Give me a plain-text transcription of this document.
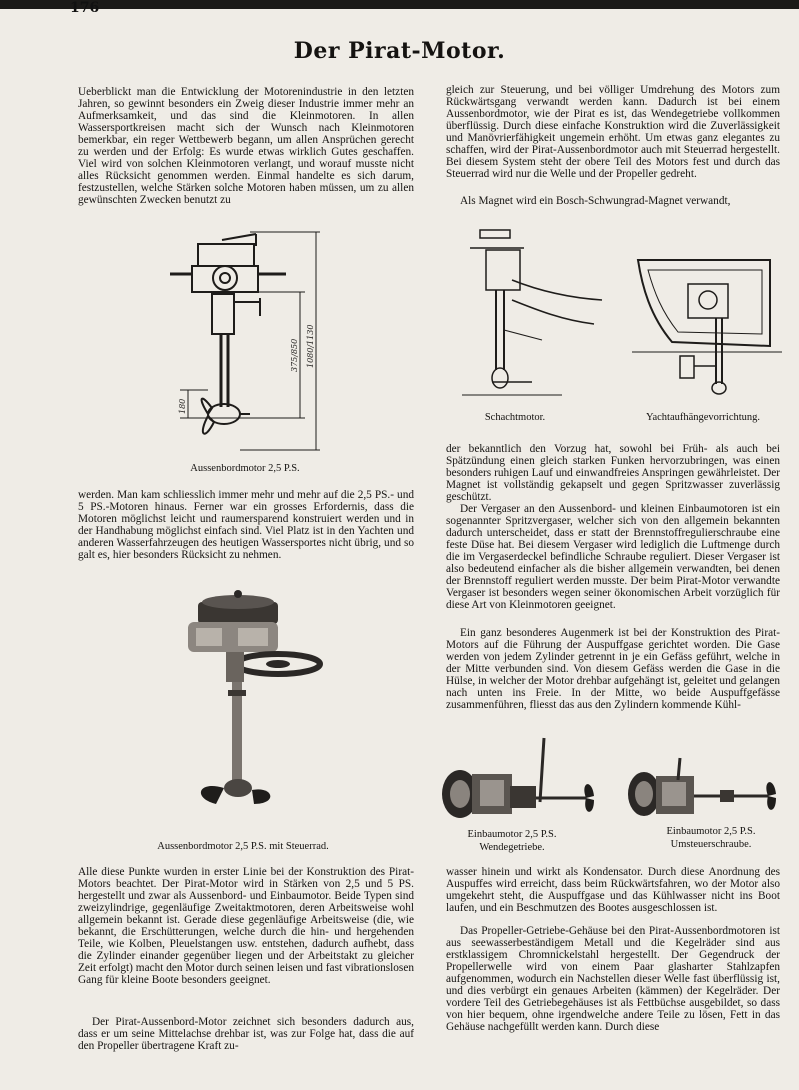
176
Der Pirat-Motor.

Ueberblickt man die Entwicklung der Motorenindustrie in den letzten Jahren, so gewinnt besonders ein Zweig dieser Industrie immer mehr an Aufmerksamkeit, und das sind die Kleinmotoren. In allen Wassersportkreisen macht sich der Wunsch nach Kleinmotoren bemerkbar, ein reger Wettbewerb begann, um allen Ansprüchen gerecht zu werden und der Erfolg: Es wurde etwas wirklich Gutes geschaffen. Viel wird von solchen Kleinmotoren verlangt, und worauf musste nicht alles Rücksicht genommen werden. Einmal handelte es sich darum, festzustellen, welche Stärken solche Motoren haben müssen, um zu allen gewünschten Zwecken benutzt zu

375/850 1080/1130
180
Aussenbordmotor 2,5 P.S.

werden. Man kam schliesslich immer mehr und mehr auf die 2,5 PS.- und 5 PS.-Motoren hinaus. Ferner war ein grosses Erfordernis, dass die Motoren möglichst leicht und raumersparend konstruiert werden und in der Handhabung möglichst einfach sind. Viel Platz ist in den Yachten und anderen Wasserfahrzeugen des heutigen Wassersportes nicht übrig, und so galt es, hier besonders Rücksicht zu nehmen.

Aussenbordmotor 2,5 P.S. mit Steuerrad.

Alle diese Punkte wurden in erster Linie bei der Konstruktion des Pirat-Motors beachtet. Der Pirat-Motor wird in Stärken von 2,5 und 5 PS. hergestellt und zwar als Aussenbord- und Einbaumotor. Beide Typen sind zweizylindrige, gegenläufige Zweitaktmotoren, deren Arbeitsweise wohl allgemein bekannt ist. Gerade diese gegenläufige Arbeitsweise (die, wie bekannt, die Erschütterungen, welche durch die hin- und hergehenden Teile, wie Kolben, Pleuelstangen usw. entstehen, dadurch aufhebt, dass die Zylinder einander gegenüber liegen und der Arbeitstakt zu gleicher Zeit erfolgt) macht den Motor durch seinen leisen und fast vibrationslosen Gang für kleine Boote besonders geeignet.

Der Pirat-Aussenbord-Motor zeichnet sich besonders dadurch aus, dass er um seine Mittelachse drehbar ist, was zur Folge hat, dass die auf den Propeller übertragene Kraft zu-

gleich zur Steuerung, und bei völliger Umdrehung des Motors zum Rückwärtsgang verwandt werden kann. Dadurch ist bei einem Aussenbordmotor, wie der Pirat es ist, das Wendegetriebe vollkommen überflüssig. Durch diese einfache Konstruktion wird die Zuverlässigkeit und Manövrierfähigkeit ungemein erhöht. Um etwas ganz elegantes zu schaffen, wird der Pirat-Aussenbordmotor auch mit Steuerrad hergestellt. Bei diesem System steht der obere Teil des Motors fest und durch das Steuerrad wird nur die Welle und der Propeller gedreht.

Als Magnet wird ein Bosch-Schwungrad-Magnet verwandt,

Schachtmotor.	Yachtaufhängevorrichtung.

der bekanntlich den Vorzug hat, sowohl bei Früh- als auch bei Spätzündung einen gleich starken Funken hervorzubringen, was einen besonders ruhigen Lauf und einwandfreies Anspringen gewährleistet. Der Magnet ist vollständig gekapselt und gegen Spritzwasser zuverlässig geschützt.

Der Vergaser an den Aussenbord- und kleinen Einbaumotoren ist ein sogenannter Spritzvergaser, welcher sich von den allgemein bekannten dadurch unterscheidet, dass er statt der Brennstoffregulierschraube eine feste Düse hat. Bei diesem Vergaser wird lediglich die Luftmenge durch die im Vergaserdeckel befindliche Schraube reguliert. Dieser Vergaser ist also bedeutend einfacher als die bisher allgemein verwandten, bei denen der Brennstoff reguliert werden musste. Der beim Pirat-Motor verwandte Vergaser ist besonders wegen seiner ökonomischen Arbeit vorzüglich für diese Art von Kleinmotoren geeignet.

Ein ganz besonderes Augenmerk ist bei der Konstruktion des Pirat-Motors auf die Führung der Auspuffgase gerichtet worden. Die Gase werden von jedem Zylinder getrennt in je ein Gefäss geführt, welche in der Mitte verbunden sind. Von diesem Gefäss werden die Gase in die Hülse, in welcher der Motor drehbar aufgehängt ist, geleitet und gelangen nach unten ins Freie. In der Mitte, wo beide Auspuffgefässe zusammenführen, fliesst das aus den Zylindern kommende Kühl-

Einbaumotor 2,5 P.S.
Wendegetriebe.
Einbaumotor 2,5 P.S.
Umsteuerschraube.

wasser hinein und wirkt als Kondensator. Durch diese Anordnung des Auspuffes wird erreicht, dass beim Rückwärtsfahren, wo der Motor also umgekehrt steht, die Auspuffgase und das Kühlwasser nicht ins Boot laufen, und ein Beschmutzen des Bootes ausgeschlossen ist.

Das Propeller-Getriebe-Gehäuse bei den Pirat-Aussenbordmotoren ist aus seewasserbeständigem Metall und die Kegelräder sind aus erstklassigem Chromnickelstahl hergestellt. Der Gegendruck der Propellerwelle wird von einem Paar glasharter Stahlzapfen aufgenommen, wodurch ein Nachstellen dieser Welle fast überflüssig ist, und dies verbürgt ein genaues Arbeiten (kämmen) der Kegelräder. Der vordere Teil des Getriebegehäuses ist als Fettbüchse ausgebildet, so dass von hier bequem, ohne irgendwelche andere Teile zu lösen, Fett in das Gehäuse nachgefüllt werden kann. Durch diese
